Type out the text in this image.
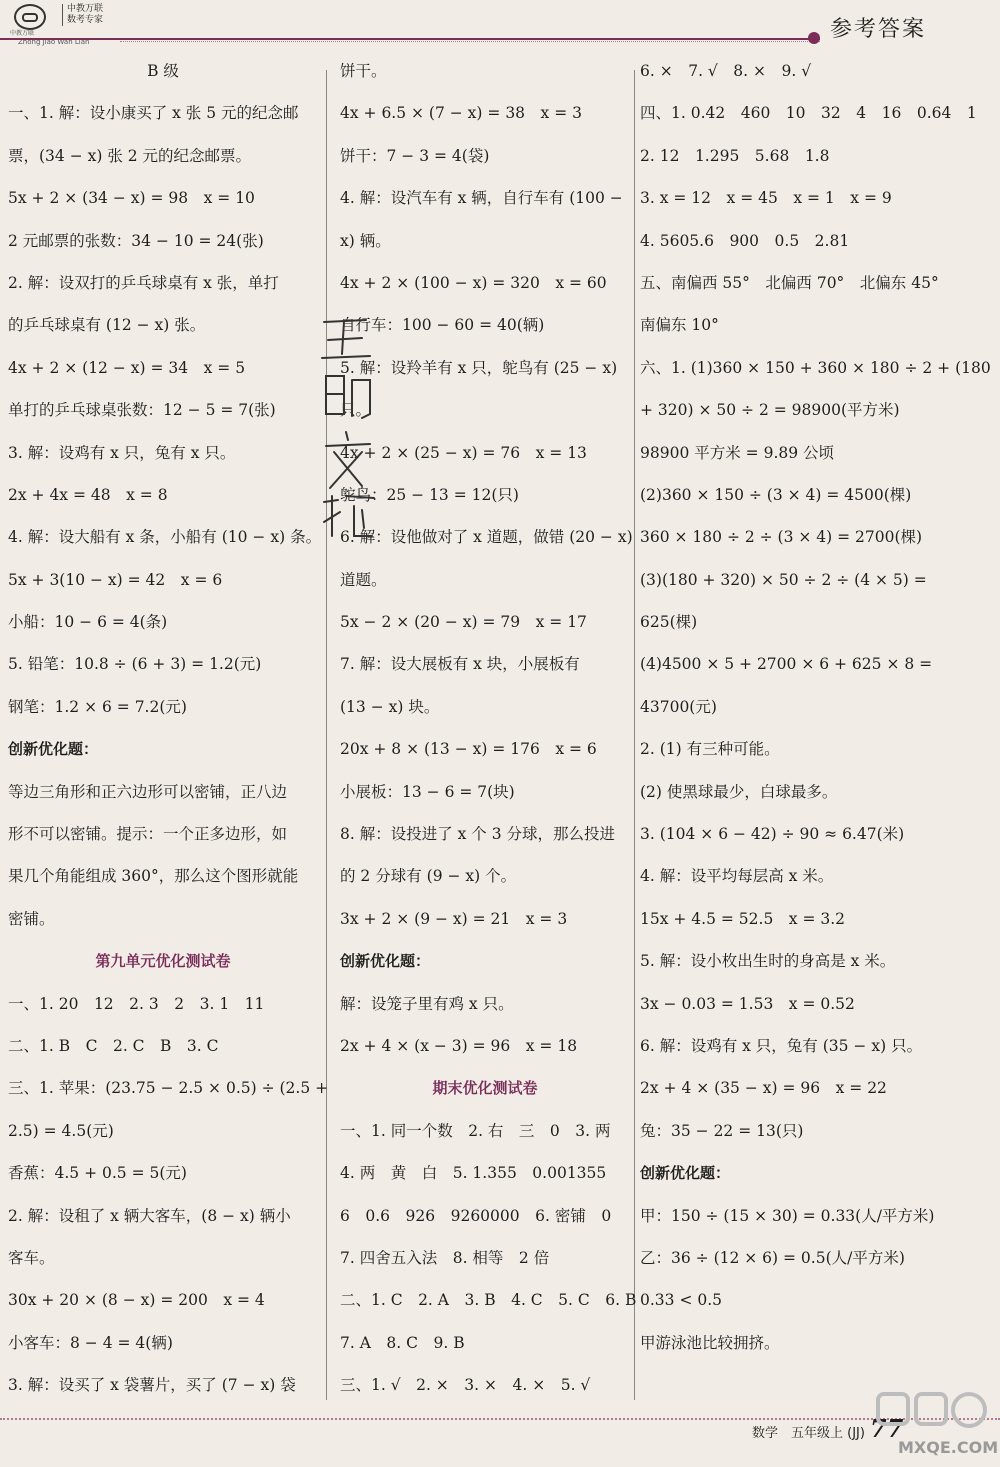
中教万联
中教万联
数考专家
Zhong Jiao Wan Lian	参考答案
B 级
一、1. 解：设小康买了 x 张 5 元的纪念邮
票，(34 − x) 张 2 元的纪念邮票。
5x + 2 × (34 − x) = 98　x = 10
2 元邮票的张数：34 − 10 = 24(张)
2. 解：设双打的乒乓球桌有 x 张，单打
的乒乓球桌有 (12 − x) 张。
4x + 2 × (12 − x) = 34　x = 5
单打的乒乓球桌张数：12 − 5 = 7(张)
3. 解：设鸡有 x 只，兔有 x 只。
2x + 4x = 48　x = 8
4. 解：设大船有 x 条，小船有 (10 − x) 条。
5x + 3(10 − x) = 42　x = 6
小船：10 − 6 = 4(条)
5. 铅笔：10.8 ÷ (6 + 3) = 1.2(元)
钢笔：1.2 × 6 = 7.2(元)
创新优化题：
等边三角形和正六边形可以密铺，正八边
形不可以密铺。提示：一个正多边形，如
果几个角能组成 360°，那么这个图形就能
密铺。
第九单元优化测试卷
一、1. 20　12　2. 3　2　3. 1　11
二、1. B　C　2. C　B　3. C
三、1. 苹果：(23.75 − 2.5 × 0.5) ÷ (2.5 +
2.5) = 4.5(元)
香蕉：4.5 + 0.5 = 5(元)
2. 解：设租了 x 辆大客车，(8 − x) 辆小
客车。
30x + 20 × (8 − x) = 200　x = 4
小客车：8 − 4 = 4(辆)
3. 解：设买了 x 袋薯片，买了 (7 − x) 袋
饼干。
4x + 6.5 × (7 − x) = 38　x = 3
饼干：7 − 3 = 4(袋)
4. 解：设汽车有 x 辆，自行车有 (100 −
x) 辆。
4x + 2 × (100 − x) = 320　x = 60
自行车：100 − 60 = 40(辆)
5. 解：设羚羊有 x 只，鸵鸟有 (25 − x)
只。
4x + 2 × (25 − x) = 76　x = 13
鸵鸟：25 − 13 = 12(只)
6. 解：设他做对了 x 道题，做错 (20 − x)
道题。
5x − 2 × (20 − x) = 79　x = 17
7. 解：设大展板有 x 块，小展板有
(13 − x) 块。
20x + 8 × (13 − x) = 176　x = 6
小展板：13 − 6 = 7(块)
8. 解：设投进了 x 个 3 分球，那么投进
的 2 分球有 (9 − x) 个。
3x + 2 × (9 − x) = 21　x = 3
创新优化题：
解：设笼子里有鸡 x 只。
2x + 4 × (x − 3) = 96　x = 18
期末优化测试卷
一、1. 同一个数　2. 右　三　0　3. 两
4. 两　黄　白　5. 1.355　0.001355
6　0.6　926　9260000　6. 密铺　0
7. 四舍五入法　8. 相等　2 倍
二、1. C　2. A　3. B　4. C　5. C　6. B
7. A　8. C　9. B
三、1. √　2. ×　3. ×　4. ×　5. √
6. ×　7. √　8. ×　9. √
四、1. 0.42　460　10　32　4　16　0.64　1
2. 12　1.295　5.68　1.8
3. x = 12　x = 45　x = 1　x = 9
4. 5605.6　900　0.5　2.81
五、南偏西 55°　北偏西 70°　北偏东 45°
南偏东 10°
六、1. (1)360 × 150 + 360 × 180 ÷ 2 + (180
+ 320) × 50 ÷ 2 = 98900(平方米)
98900 平方米 = 9.89 公顷
(2)360 × 150 ÷ (3 × 4) = 4500(棵)
360 × 180 ÷ 2 ÷ (3 × 4) = 2700(棵)
(3)(180 + 320) × 50 ÷ 2 ÷ (4 × 5) =
625(棵)
(4)4500 × 5 + 2700 × 6 + 625 × 8 =
43700(元)
2. (1) 有三种可能。
(2) 使黑球最少，白球最多。
3. (104 × 6 − 42) ÷ 90 ≈ 6.47(米)
4. 解：设平均每层高 x 米。
15x + 4.5 = 52.5　x = 3.2
5. 解：设小枚出生时的身高是 x 米。
3x − 0.03 = 1.53　x = 0.52
6. 解：设鸡有 x 只，兔有 (35 − x) 只。
2x + 4 × (35 − x) = 96　x = 22
兔：35 − 22 = 13(只)
创新优化题：
甲：150 ÷ (15 × 30) = 0.33(人/平方米)
乙：36 ÷ (12 × 6) = 0.5(人/平方米)
0.33 < 0.5
甲游泳池比较拥挤。
数学　五年级上 (JJ) 77
MXQE.COM
